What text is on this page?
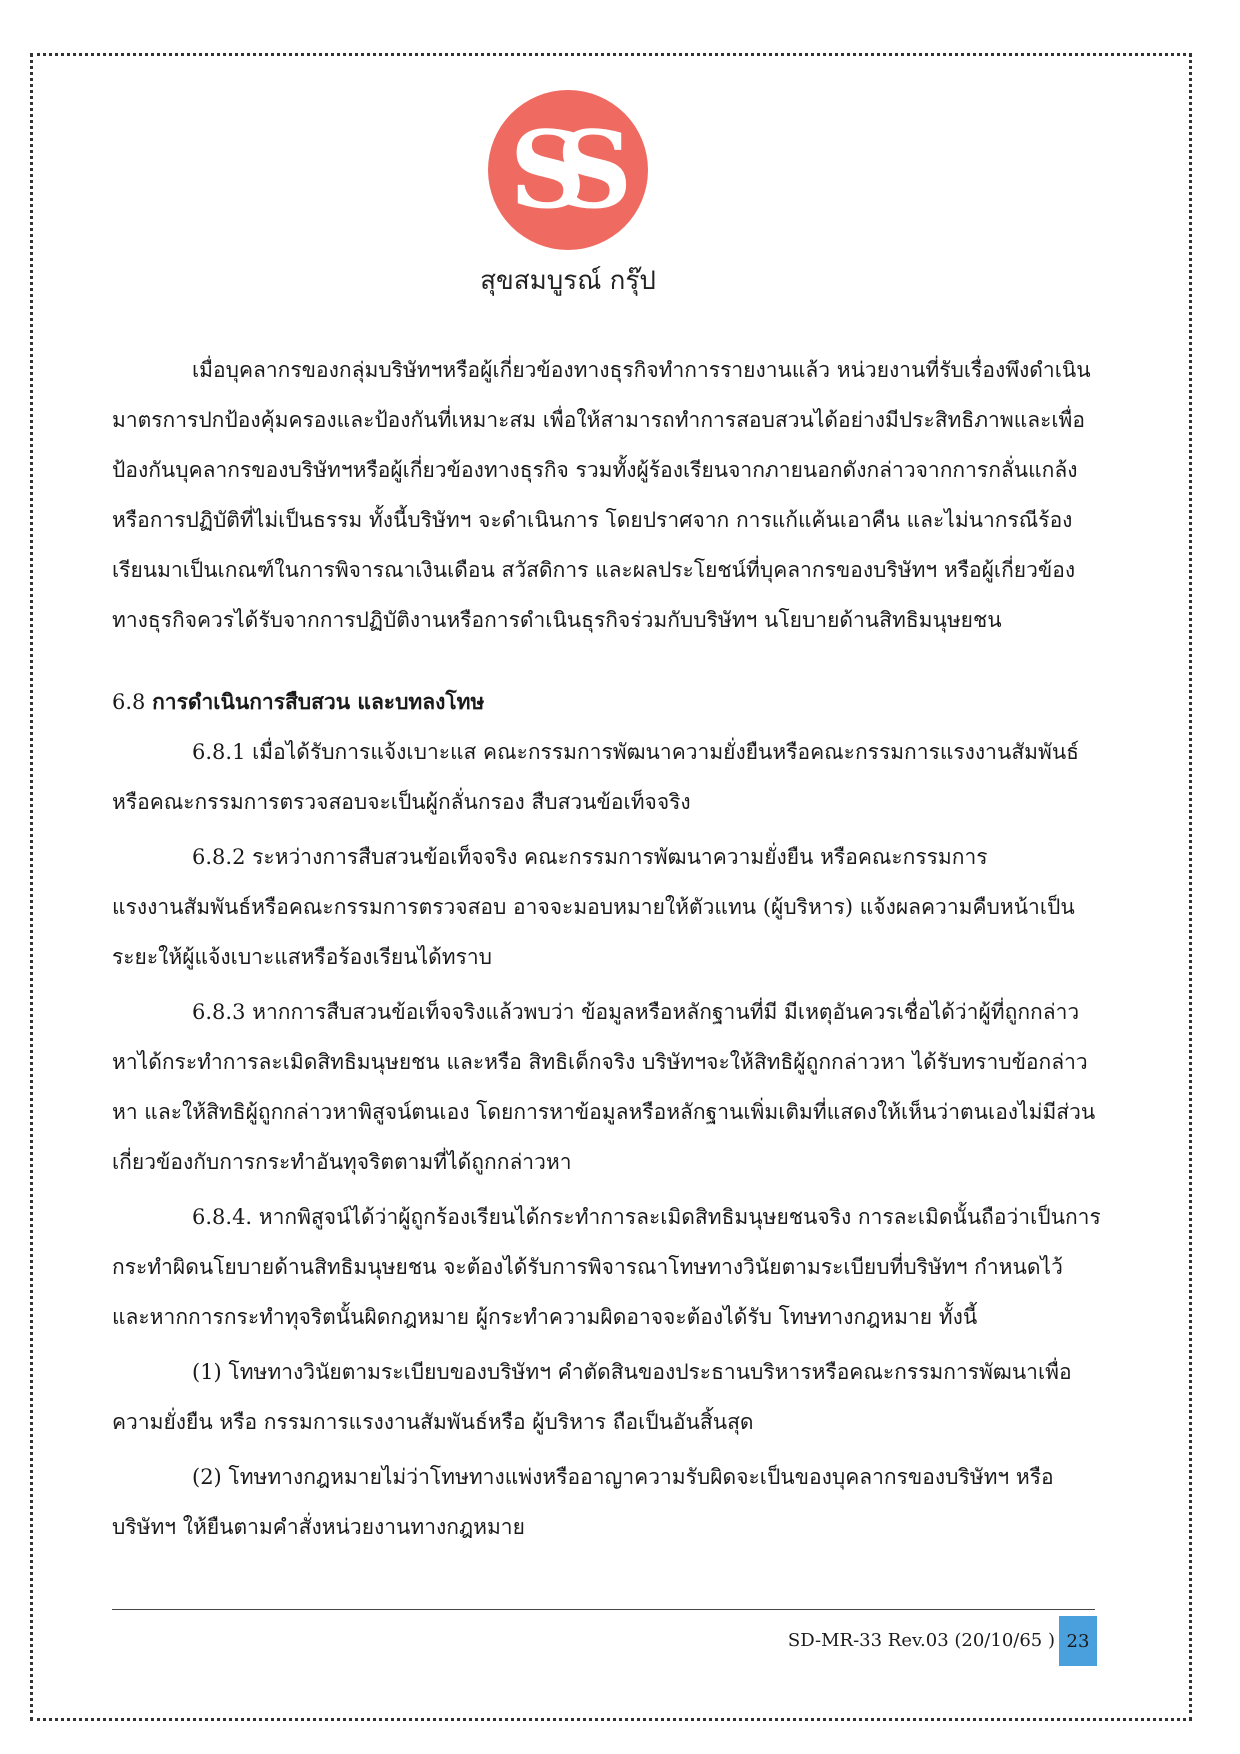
SS
สุขสมบูรณ์ กรุ๊ป

เมื่อบุคลากรของกลุ่มบริษัทฯหรือผู้เกี่ยวข้องทางธุรกิจทำการรายงานแล้ว หน่วยงานที่รับเรื่องพึงดำเนินมาตรการปกป้องคุ้มครองและป้องกันที่เหมาะสม เพื่อให้สามารถทำการสอบสวนได้อย่างมีประสิทธิภาพและเพื่อป้องกันบุคลากรของบริษัทฯหรือผู้เกี่ยวข้องทางธุรกิจ รวมทั้งผู้ร้องเรียนจากภายนอกดังกล่าวจากการกลั่นแกล้งหรือการปฏิบัติที่ไม่เป็นธรรม ทั้งนี้บริษัทฯ จะดำเนินการ โดยปราศจาก การแก้แค้นเอาคืน และไม่นากรณีร้องเรียนมาเป็นเกณฑ์ในการพิจารณาเงินเดือน สวัสดิการ และผลประโยชน์ที่บุคลากรของบริษัทฯ หรือผู้เกี่ยวข้องทางธุรกิจควรได้รับจากการปฏิบัติงานหรือการดำเนินธุรกิจร่วมกับบริษัทฯ นโยบายด้านสิทธิมนุษยชน

6.8 การดำเนินการสืบสวน และบทลงโทษ

6.8.1 เมื่อได้รับการแจ้งเบาะแส คณะกรรมการพัฒนาความยั่งยืนหรือคณะกรรมการแรงงานสัมพันธ์หรือคณะกรรมการตรวจสอบจะเป็นผู้กลั่นกรอง สืบสวนข้อเท็จจริง

6.8.2 ระหว่างการสืบสวนข้อเท็จจริง คณะกรรมการพัฒนาความยั่งยืน หรือคณะกรรมการแรงงานสัมพันธ์หรือคณะกรรมการตรวจสอบ อาจจะมอบหมายให้ตัวแทน (ผู้บริหาร) แจ้งผลความคืบหน้าเป็นระยะให้ผู้แจ้งเบาะแสหรือร้องเรียนได้ทราบ

6.8.3 หากการสืบสวนข้อเท็จจริงแล้วพบว่า ข้อมูลหรือหลักฐานที่มี มีเหตุอันควรเชื่อได้ว่าผู้ที่ถูกกล่าวหาได้กระทำการละเมิดสิทธิมนุษยชน และหรือ สิทธิเด็กจริง บริษัทฯจะให้สิทธิผู้ถูกกล่าวหา ได้รับทราบข้อกล่าวหา และให้สิทธิผู้ถูกกล่าวหาพิสูจน์ตนเอง โดยการหาข้อมูลหรือหลักฐานเพิ่มเติมที่แสดงให้เห็นว่าตนเองไม่มีส่วนเกี่ยวข้องกับการกระทำอันทุจริตตามที่ได้ถูกกล่าวหา

6.8.4. หากพิสูจน์ได้ว่าผู้ถูกร้องเรียนได้กระทำการละเมิดสิทธิมนุษยชนจริง การละเมิดนั้นถือว่าเป็นการกระทำผิดนโยบายด้านสิทธิมนุษยชน จะต้องได้รับการพิจารณาโทษทางวินัยตามระเบียบที่บริษัทฯ กำหนดไว้ และหากการกระทำทุจริตนั้นผิดกฎหมาย ผู้กระทำความผิดอาจจะต้องได้รับ โทษทางกฎหมาย ทั้งนี้

(1) โทษทางวินัยตามระเบียบของบริษัทฯ คำตัดสินของประธานบริหารหรือคณะกรรมการพัฒนาเพื่อความยั่งยืน หรือ กรรมการแรงงานสัมพันธ์หรือ ผู้บริหาร ถือเป็นอันสิ้นสุด

(2) โทษทางกฎหมายไม่ว่าโทษทางแพ่งหรืออาญาความรับผิดจะเป็นของบุคลากรของบริษัทฯ หรือบริษัทฯ ให้ยืนตามคำสั่งหน่วยงานทางกฎหมาย

SD-MR-33 Rev.03 (20/10/65 ) 23
